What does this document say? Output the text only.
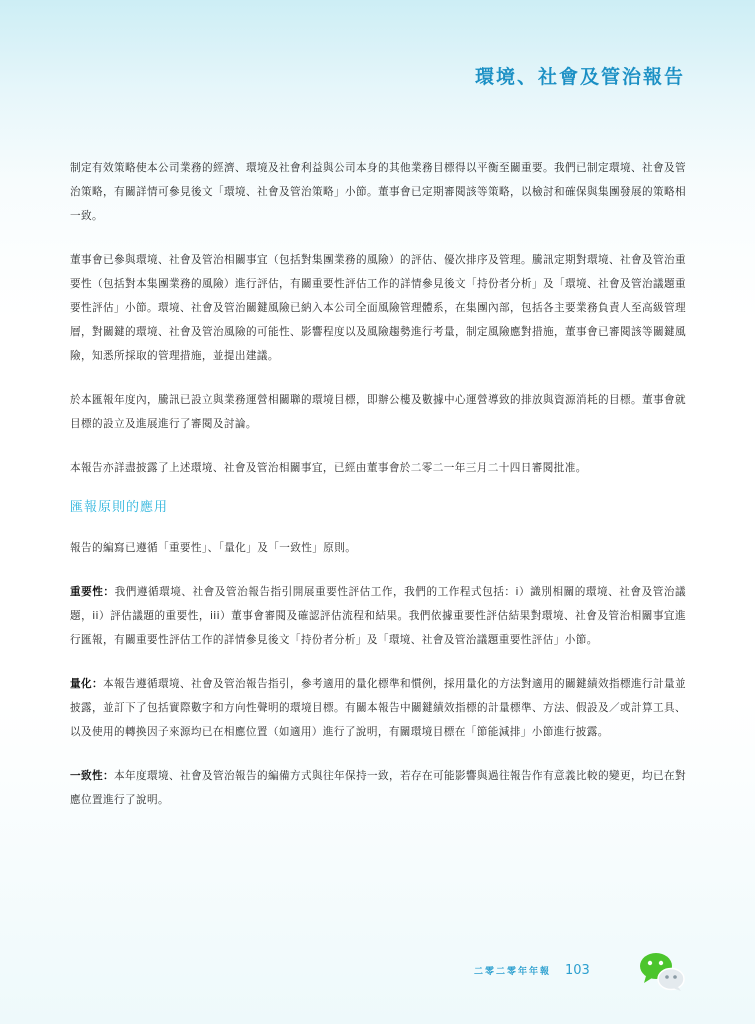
環境、社會及管治報告

制定有效策略使本公司業務的經濟、環境及社會利益與公司本身的其他業務目標得以平衡至關重要。我們已制定環境、社會及管治策略，有關詳情可參見後文「環境、社會及管治策略」小節。董事會已定期審閱該等策略，以檢討和確保與集團發展的策略相一致。

董事會已參與環境、社會及管治相關事宜（包括對集團業務的風險）的評估、優次排序及管理。騰訊定期對環境、社會及管治重要性（包括對本集團業務的風險）進行評估，有關重要性評估工作的詳情參見後文「持份者分析」及「環境、社會及管治議題重要性評估」小節。環境、社會及管治關鍵風險已納入本公司全面風險管理體系，在集團內部，包括各主要業務負責人至高級管理層，對關鍵的環境、社會及管治風險的可能性、影響程度以及風險趨勢進行考量，制定風險應對措施，董事會已審閱該等關鍵風險，知悉所採取的管理措施，並提出建議。

於本匯報年度內，騰訊已設立與業務運營相關聯的環境目標，即辦公樓及數據中心運營導致的排放與資源消耗的目標。董事會就目標的設立及進展進行了審閱及討論。

本報告亦詳盡披露了上述環境、社會及管治相關事宜，已經由董事會於二零二一年三月二十四日審閱批准。

匯報原則的應用

報告的編寫已遵循「重要性」、「量化」及「一致性」原則。

重要性：我們遵循環境、社會及管治報告指引開展重要性評估工作，我們的工作程式包括：i）識別相關的環境、社會及管治議題，ii）評估議題的重要性，iii）董事會審閱及確認評估流程和結果。我們依據重要性評估結果對環境、社會及管治相關事宜進行匯報，有關重要性評估工作的詳情參見後文「持份者分析」及「環境、社會及管治議題重要性評估」小節。

量化：本報告遵循環境、社會及管治報告指引，參考適用的量化標準和慣例，採用量化的方法對適用的關鍵績效指標進行計量並披露，並訂下了包括實際數字和方向性聲明的環境目標。有關本報告中關鍵績效指標的計量標準、方法、假設及／或計算工具、以及使用的轉換因子來源均已在相應位置（如適用）進行了說明，有關環境目標在「節能減排」小節進行披露。

一致性：本年度環境、社會及管治報告的編備方式與往年保持一致，若存在可能影響與過往報告作有意義比較的變更，均已在對應位置進行了說明。

二零二零年年報 103
